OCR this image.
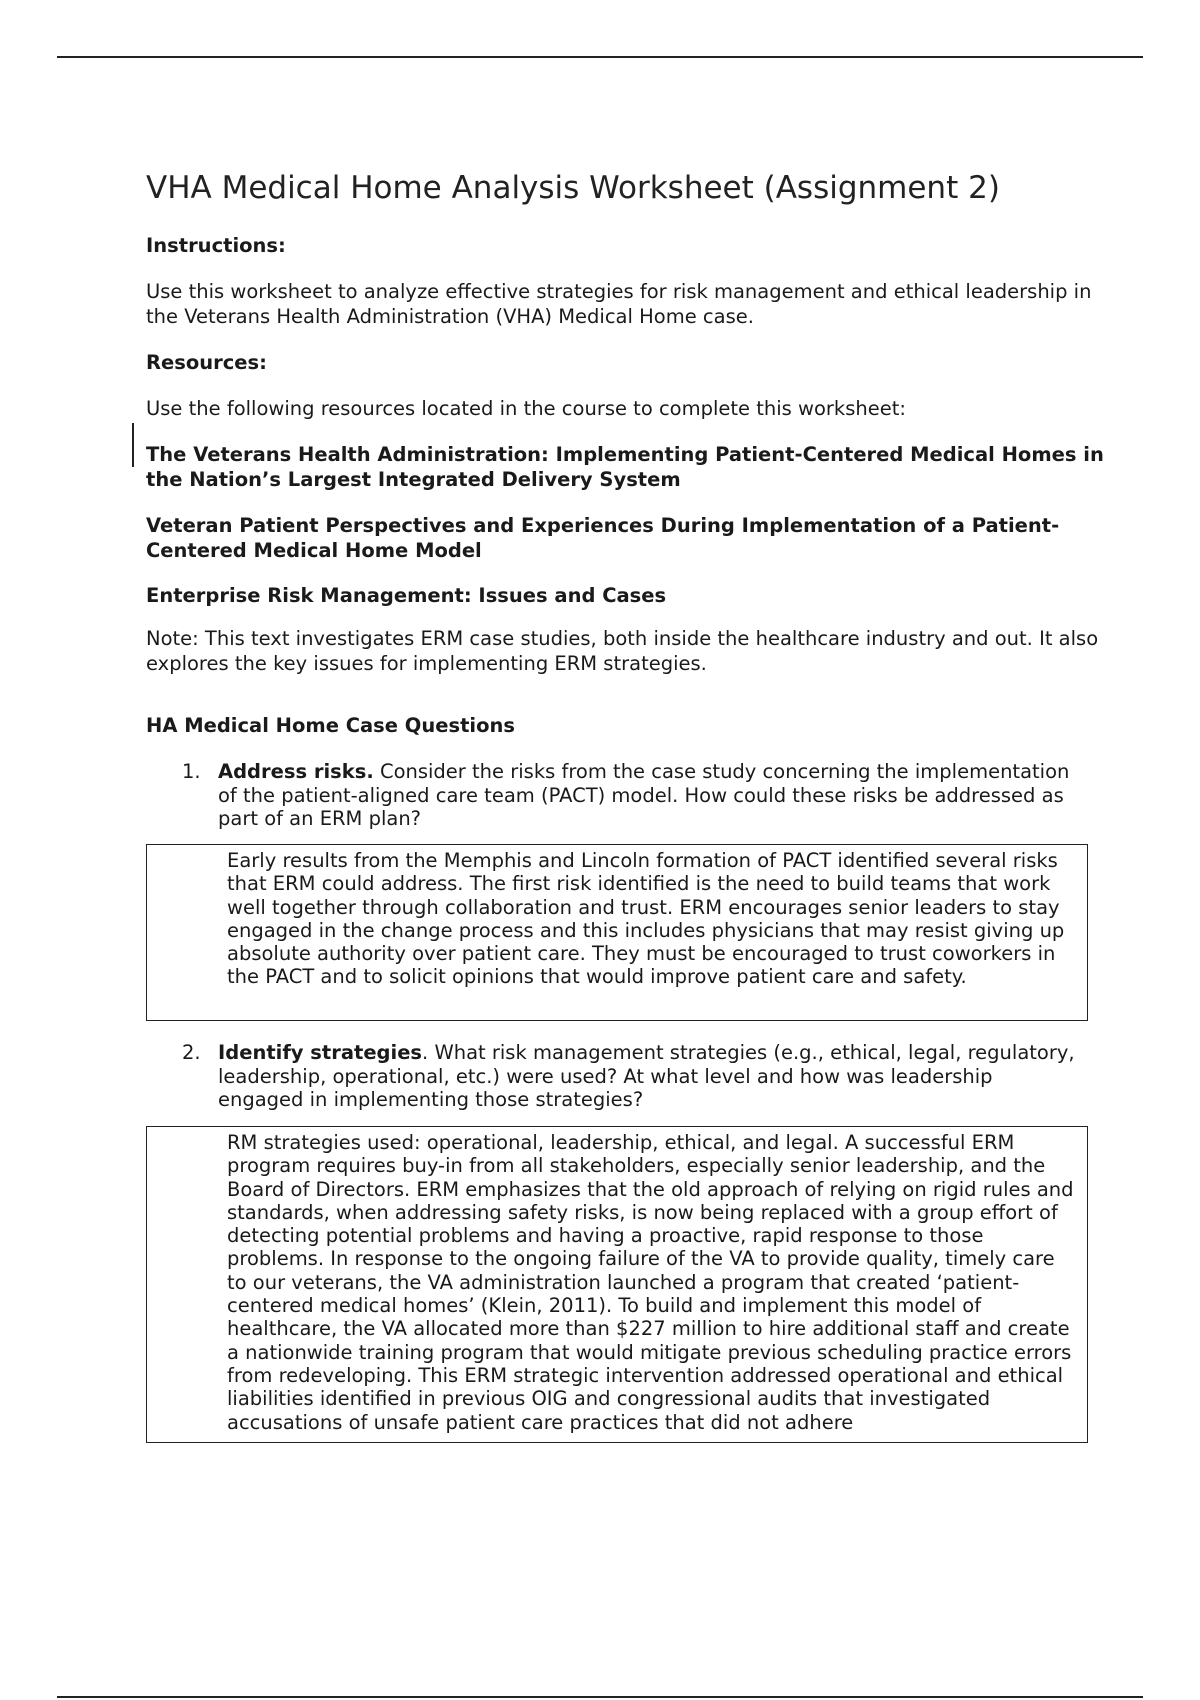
VHA Medical Home Analysis Worksheet (Assignment 2)
Instructions:
Use this worksheet to analyze effective strategies for risk management and ethical leadership in the Veterans Health Administration (VHA) Medical Home case.
Resources:
Use the following resources located in the course to complete this worksheet:
The Veterans Health Administration: Implementing Patient-Centered Medical Homes in the Nation’s Largest Integrated Delivery System
Veteran Patient Perspectives and Experiences During Implementation of a Patient-Centered Medical Home Model
Enterprise Risk Management: Issues and Cases
Note: This text investigates ERM case studies, both inside the healthcare industry and out. It also explores the key issues for implementing ERM strategies.
HA Medical Home Case Questions
1. Address risks. Consider the risks from the case study concerning the implementation of the patient-aligned care team (PACT) model. How could these risks be addressed as part of an ERM plan?
Early results from the Memphis and Lincoln formation of PACT identified several risks that ERM could address. The first risk identified is the need to build teams that work well together through collaboration and trust. ERM encourages senior leaders to stay engaged in the change process and this includes physicians that may resist giving up absolute authority over patient care. They must be encouraged to trust coworkers in the PACT and to solicit opinions that would improve patient care and safety.
2. Identify strategies. What risk management strategies (e.g., ethical, legal, regulatory, leadership, operational, etc.) were used? At what level and how was leadership engaged in implementing those strategies?
RM strategies used: operational, leadership, ethical, and legal. A successful ERM program requires buy-in from all stakeholders, especially senior leadership, and the Board of Directors. ERM emphasizes that the old approach of relying on rigid rules and standards, when addressing safety risks, is now being replaced with a group effort of detecting potential problems and having a proactive, rapid response to those problems. In response to the ongoing failure of the VA to provide quality, timely care to our veterans, the VA administration launched a program that created ‘patient-centered medical homes’ (Klein, 2011). To build and implement this model of healthcare, the VA allocated more than $227 million to hire additional staff and create a nationwide training program that would mitigate previous scheduling practice errors from redeveloping. This ERM strategic intervention addressed operational and ethical liabilities identified in previous OIG and congressional audits that investigated accusations of unsafe patient care practices that did not adhere
